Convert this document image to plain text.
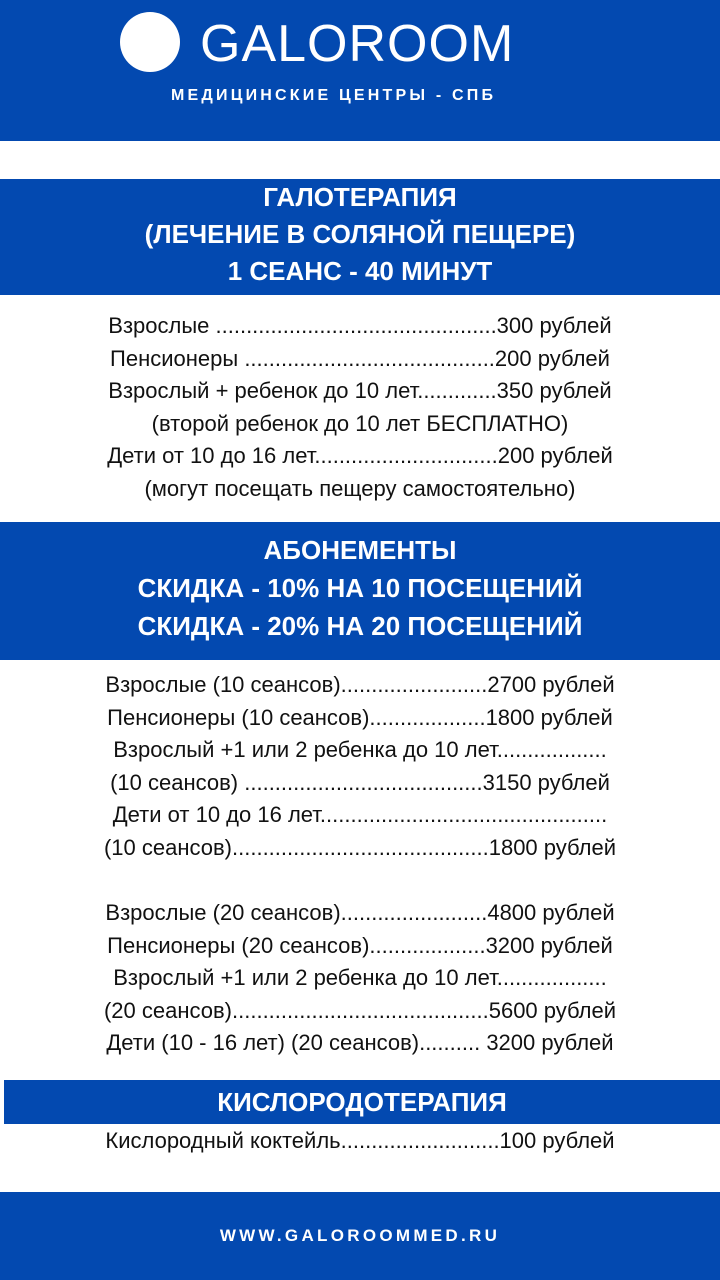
GALOROOM
МЕДИЦИНСКИЕ ЦЕНТРЫ - СПБ
ГАЛОТЕРАПИЯ
(ЛЕЧЕНИЕ В СОЛЯНОЙ ПЕЩЕРЕ)
1 СЕАНС - 40 МИНУТ
Взрослые ..............................................300 рублей
Пенсионеры .........................................200 рублей
Взрослый + ребенок до 10 лет.............350 рублей
(второй ребенок до 10 лет БЕСПЛАТНО)
Дети от 10 до 16 лет..............................200 рублей
(могут посещать пещеру самостоятельно)
АБОНЕМЕНТЫ
СКИДКА - 10% НА 10 ПОСЕЩЕНИЙ
СКИДКА - 20% НА 20 ПОСЕЩЕНИЙ
Взрослые (10 сеансов)........................2700 рублей
Пенсионеры (10 сеансов)...................1800 рублей
Взрослый +1 или 2 ребенка до 10 лет..................
(10 сеансов) .......................................3150 рублей
Дети от 10 до 16 лет...............................................
(10 сеансов)..........................................1800 рублей
Взрослые (20 сеансов)........................4800 рублей
Пенсионеры (20 сеансов)...................3200 рублей
Взрослый +1 или 2 ребенка до 10 лет..................
(20 сеансов)..........................................5600 рублей
Дети (10 - 16 лет) (20 сеансов).......... 3200 рублей
КИСЛОРОДОТЕРАПИЯ
Кислородный коктейль..........................100 рублей
WWW.GALOROOMMED.RU
